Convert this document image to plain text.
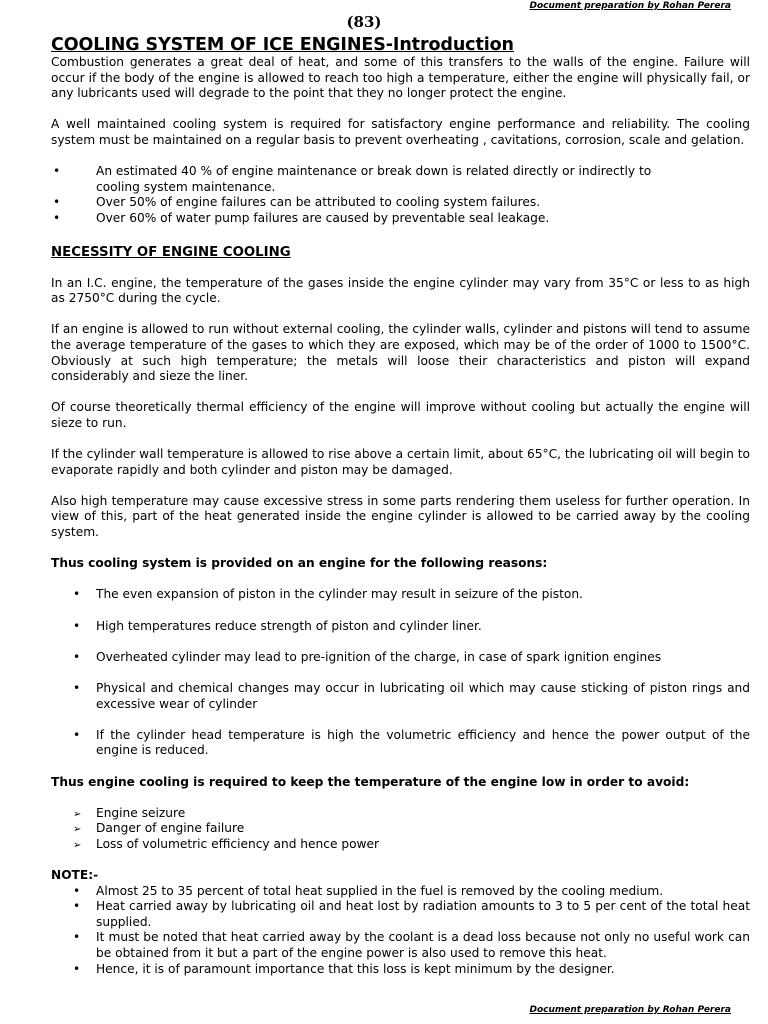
Document preparation by Rohan Perera
(83)
COOLING SYSTEM OF ICE ENGINES-Introduction

Combustion generates a great deal of heat, and some of this transfers to the walls of the engine. Failure will occur if the body of the engine is allowed to reach too high a temperature, either the engine will physically fail, or any lubricants used will degrade to the point that they no longer protect the engine.

A well maintained cooling system is required for satisfactory engine performance and reliability. The cooling system must be maintained on a regular basis to prevent overheating , cavitations, corrosion, scale and gelation.

•	An estimated 40 % of engine maintenance or break down is related directly or indirectly to
cooling system maintenance.
•	Over 50% of engine failures can be attributed to cooling system failures.
•	Over 60% of water pump failures are caused by preventable seal leakage.
NECESSITY OF ENGINE COOLING

In an I.C. engine, the temperature of the gases inside the engine cylinder may vary from 35°C or less to as high as 2750°C during the cycle.

If an engine is allowed to run without external cooling, the cylinder walls, cylinder and pistons will tend to assume the average temperature of the gases to which they are exposed, which may be of the order of 1000 to 1500°C. Obviously at such high temperature; the metals will loose their characteristics and piston will expand considerably and sieze the liner.

Of course theoretically thermal efficiency of the engine will improve without cooling but actually the engine will sieze to run.

If the cylinder wall temperature is allowed to rise above a certain limit, about 65°C, the lubricating oil will begin to evaporate rapidly and both cylinder and piston may be damaged.

Also high temperature may cause excessive stress in some parts rendering them useless for further operation. In view of this, part of the heat generated inside the engine cylinder is allowed to be carried away by the cooling system.

Thus cooling system is provided on an engine for the following reasons:

• The even expansion of piston in the cylinder may result in seizure of the piston.
• High temperatures reduce strength of piston and cylinder liner.
• Overheated cylinder may lead to pre-ignition of the charge, in case of spark ignition engines
• Physical and chemical changes may occur in lubricating oil which may cause sticking of piston rings and excessive wear of cylinder
• If the cylinder head temperature is high the volumetric efficiency and hence the power output of the engine is reduced.

Thus engine cooling is required to keep the temperature of the engine low in order to avoid:

➢ Engine seizure
➢ Danger of engine failure
➢ Loss of volumetric efficiency and hence power

NOTE:-

• Almost 25 to 35 percent of total heat supplied in the fuel is removed by the cooling medium.
• Heat carried away by lubricating oil and heat lost by radiation amounts to 3 to 5 per cent of the total heat supplied.
• It must be noted that heat carried away by the coolant is a dead loss because not only no useful work can be obtained from it but a part of the engine power is also used to remove this heat.
• Hence, it is of paramount importance that this loss is kept minimum by the designer.
Document preparation by Rohan Perera
